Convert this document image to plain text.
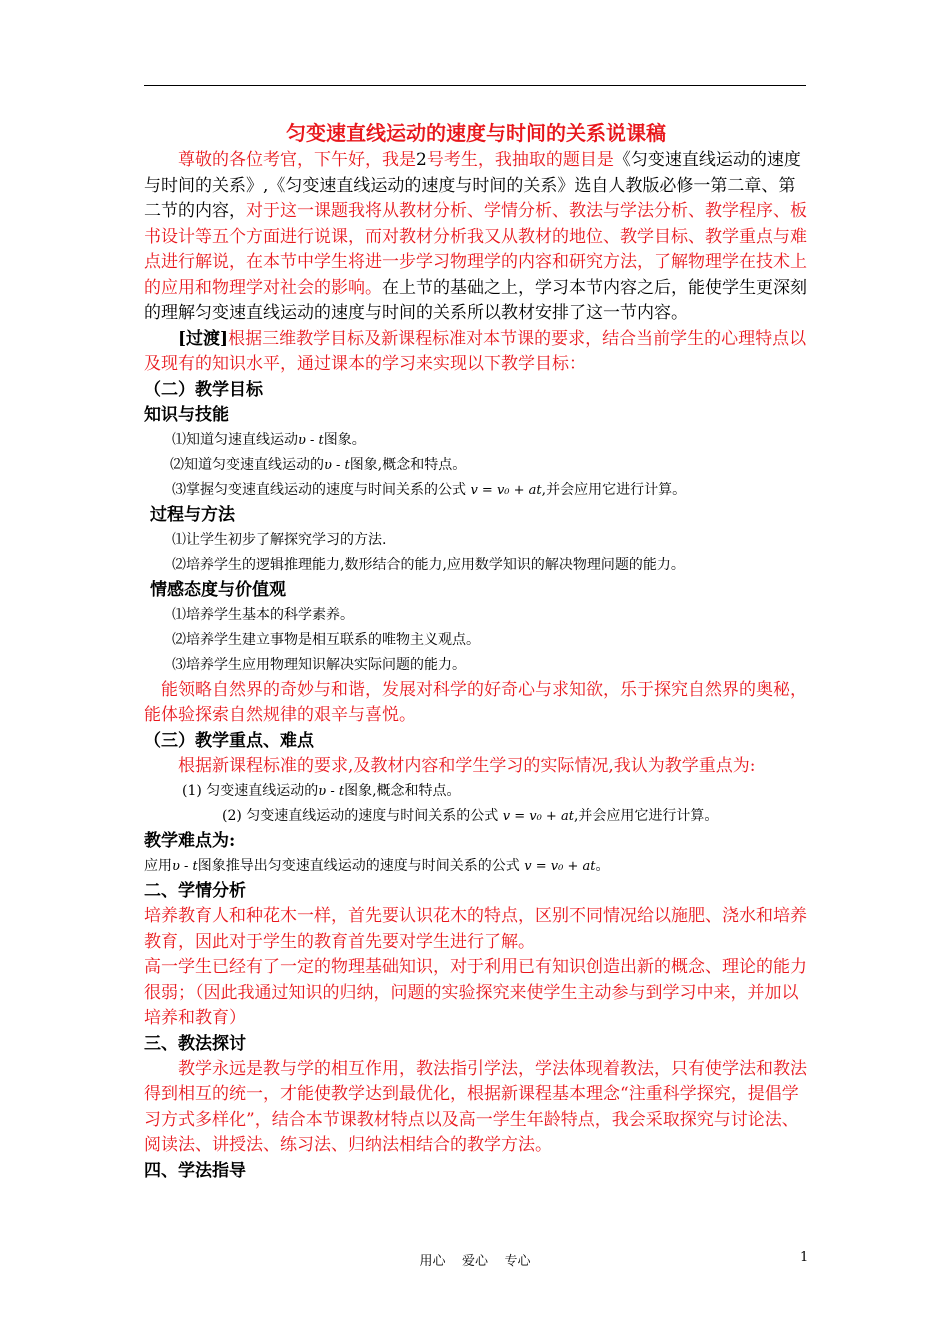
匀变速直线运动的速度与时间的关系说课稿

尊敬的各位考官，下午好，我是2号考生，我抽取的题目是《匀变速直线运动的速度与时间的关系》,《匀变速直线运动的速度与时间的关系》选自人教版必修一第二章、第二节的内容，对于这一课题我将从教材分析、学情分析、教法与学法分析、教学程序、板书设计等五个方面进行说课，而对教材分析我又从教材的地位、教学目标、教学重点与难点进行解说，在本节中学生将进一步学习物理学的内容和研究方法，了解物理学在技术上的应用和物理学对社会的影响。在上节的基础之上，学习本节内容之后，能使学生更深刻的理解匀变速直线运动的速度与时间的关系所以教材安排了这一节内容。

[过渡]根据三维教学目标及新课程标准对本节课的要求，结合当前学生的心理特点以及现有的知识水平，通过课本的学习来实现以下教学目标：

（二）教学目标
知识与技能
⑴知道匀速直线运动υ - t图象。
⑵知道匀变速直线运动的υ - t图象,概念和特点。
⑶掌握匀变速直线运动的速度与时间关系的公式 v = v₀ + at,并会应用它进行计算。
过程与方法
⑴让学生初步了解探究学习的方法.
⑵培养学生的逻辑推理能力,数形结合的能力,应用数学知识的解决物理问题的能力。
情感态度与价值观
⑴培养学生基本的科学素养。
⑵培养学生建立事物是相互联系的唯物主义观点。
⑶培养学生应用物理知识解决实际问题的能力。

能领略自然界的奇妙与和谐，发展对科学的好奇心与求知欲，乐于探究自然界的奥秘，能体验探索自然规律的艰辛与喜悦。

（三）教学重点、难点

根据新课程标准的要求,及教材内容和学生学习的实际情况,我认为教学重点为:

(1) 匀变速直线运动的υ - t图象,概念和特点。
(2) 匀变速直线运动的速度与时间关系的公式 v = v₀ + at,并会应用它进行计算。
教学难点为:
应用υ - t图象推导出匀变速直线运动的速度与时间关系的公式 v = v₀ + at。
二、学情分析

培养教育人和种花木一样，首先要认识花木的特点，区别不同情况给以施肥、浇水和培养教育，因此对于学生的教育首先要对学生进行了解。

高一学生已经有了一定的物理基础知识，对于利用已有知识创造出新的概念、理论的能力很弱；（因此我通过知识的归纳，问题的实验探究来使学生主动参与到学习中来，并加以培养和教育）

三、教法探讨

教学永远是教与学的相互作用，教法指引学法，学法体现着教法，只有使学法和教法得到相互的统一，才能使教学达到最优化，根据新课程基本理念“注重科学探究，提倡学习方式多样化”，结合本节课教材特点以及高一学生年龄特点，我会采取探究与讨论法、阅读法、讲授法、练习法、归纳法相结合的教学方法。

四、学法指导
用心    爱心    专心	1
